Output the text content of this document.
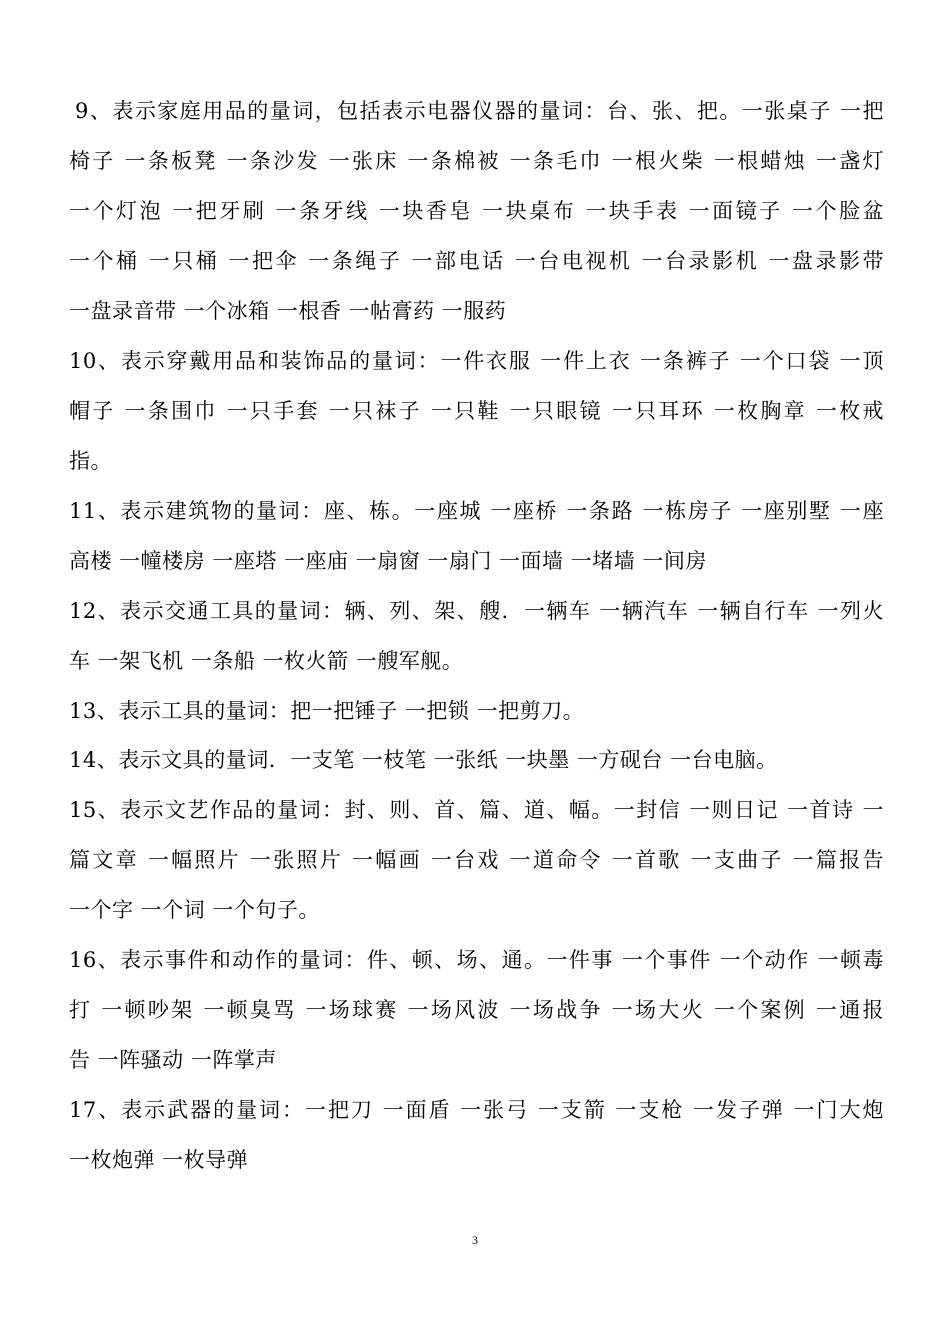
9、表示家庭用品的量词，包括表示电器仪器的量词：台、张、把。一张桌子 一把
椅子 一条板凳 一条沙发 一张床 一条棉被 一条毛巾 一根火柴 一根蜡烛 一盏灯
一个灯泡 一把牙刷 一条牙线 一块香皂 一块桌布 一块手表 一面镜子 一个脸盆
一个桶 一只桶 一把伞 一条绳子 一部电话 一台电视机 一台录影机 一盘录影带
一盘录音带 一个冰箱 一根香 一帖膏药 一服药
10、表示穿戴用品和装饰品的量词：一件衣服 一件上衣 一条裤子 一个口袋 一顶
帽子 一条围巾 一只手套 一只袜子 一只鞋 一只眼镜 一只耳环 一枚胸章 一枚戒
指。
11、表示建筑物的量词：座、栋。一座城 一座桥 一条路 一栋房子 一座别墅 一座
高楼 一幢楼房 一座塔 一座庙 一扇窗 一扇门 一面墙 一堵墙 一间房
12、表示交通工具的量词：辆、列、架、艘．一辆车 一辆汽车 一辆自行车 一列火
车 一架飞机 一条船 一枚火箭 一艘军舰。
13、表示工具的量词：把一把锤子 一把锁 一把剪刀。
14、表示文具的量词．一支笔 一枝笔 一张纸 一块墨 一方砚台 一台电脑。
15、表示文艺作品的量词：封、则、首、篇、道、幅。一封信 一则日记 一首诗 一
篇文章 一幅照片 一张照片 一幅画 一台戏 一道命令 一首歌 一支曲子 一篇报告
一个字 一个词 一个句子。
16、表示事件和动作的量词：件、顿、场、通。一件事 一个事件 一个动作 一顿毒
打 一顿吵架 一顿臭骂 一场球赛 一场风波 一场战争 一场大火 一个案例 一通报
告 一阵骚动 一阵掌声
17、表示武器的量词：一把刀 一面盾 一张弓 一支箭 一支枪 一发子弹 一门大炮
一枚炮弹 一枚导弹
3
